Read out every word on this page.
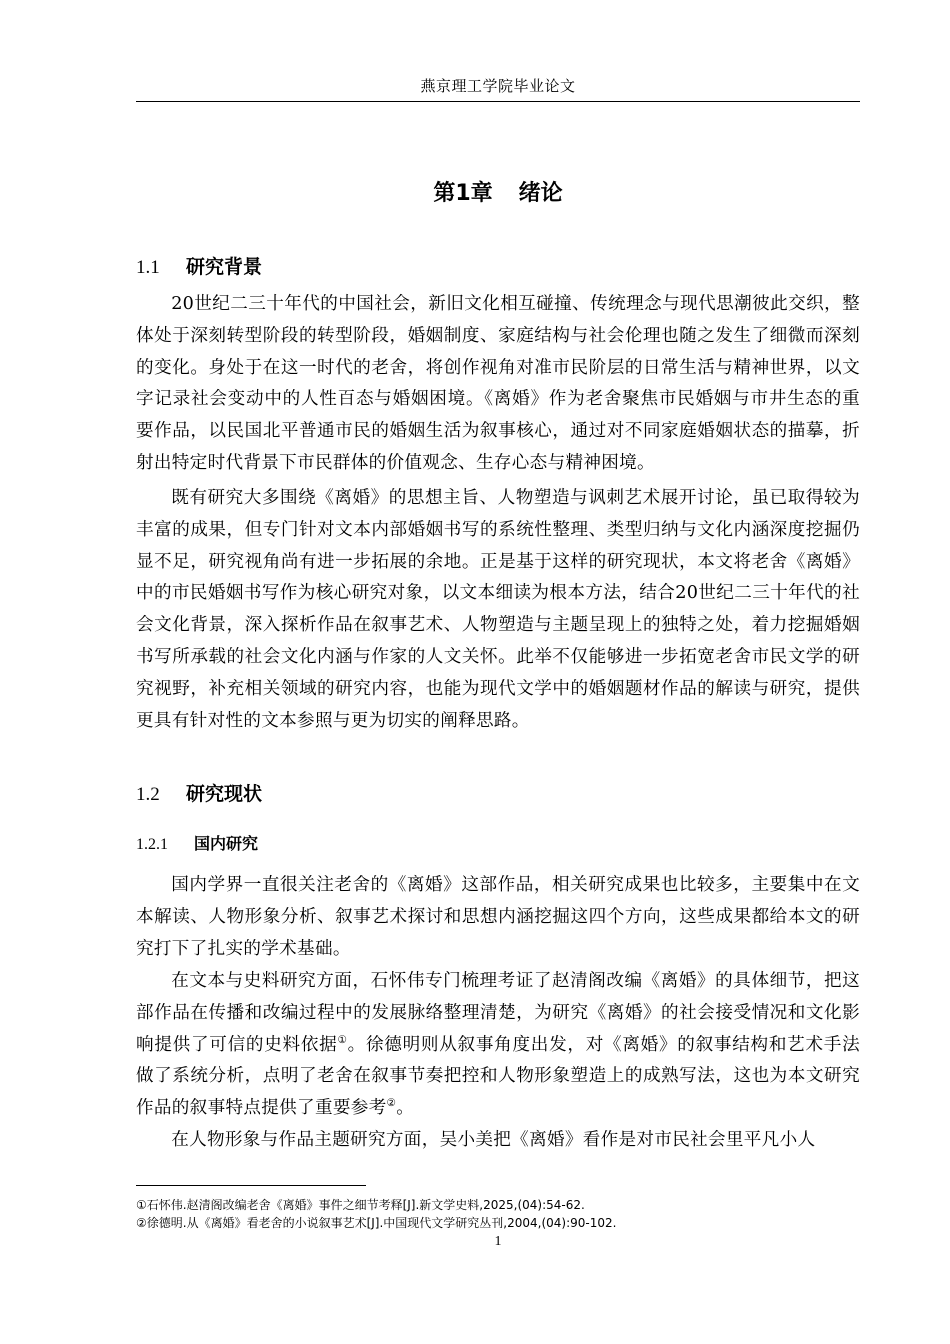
燕京理工学院毕业论文
第1章 绪论
1.1 研究背景

20世纪二三十年代的中国社会，新旧文化相互碰撞、传统理念与现代思潮彼此交织，整体处于深刻转型阶段的转型阶段，婚姻制度、家庭结构与社会伦理也随之发生了细微而深刻的变化。身处于在这一时代的老舍，将创作视角对准市民阶层的日常生活与精神世界，以文字记录社会变动中的人性百态与婚姻困境。《离婚》作为老舍聚焦市民婚姻与市井生态的重要作品，以民国北平普通市民的婚姻生活为叙事核心，通过对不同家庭婚姻状态的描摹，折射出特定时代背景下市民群体的价值观念、生存心态与精神困境。

既有研究大多围绕《离婚》的思想主旨、人物塑造与讽刺艺术展开讨论，虽已取得较为丰富的成果，但专门针对文本内部婚姻书写的系统性整理、类型归纳与文化内涵深度挖掘仍显不足，研究视角尚有进一步拓展的余地。正是基于这样的研究现状，本文将老舍《离婚》中的市民婚姻书写作为核心研究对象，以文本细读为根本方法，结合20世纪二三十年代的社会文化背景，深入探析作品在叙事艺术、人物塑造与主题呈现上的独特之处，着力挖掘婚姻书写所承载的社会文化内涵与作家的人文关怀。此举不仅能够进一步拓宽老舍市民文学的研究视野，补充相关领域的研究内容，也能为现代文学中的婚姻题材作品的解读与研究，提供更具有针对性的文本参照与更为切实的阐释思路。

1.2 研究现状
1.2.1 国内研究

国内学界一直很关注老舍的《离婚》这部作品，相关研究成果也比较多，主要集中在文本解读、人物形象分析、叙事艺术探讨和思想内涵挖掘这四个方向，这些成果都给本文的研究打下了扎实的学术基础。

在文本与史料研究方面，石怀伟专门梳理考证了赵清阁改编《离婚》的具体细节，把这部作品在传播和改编过程中的发展脉络整理清楚，为研究《离婚》的社会接受情况和文化影响提供了可信的史料依据①。徐德明则从叙事角度出发，对《离婚》的叙事结构和艺术手法做了系统分析，点明了老舍在叙事节奏把控和人物形象塑造上的成熟写法，这也为本文研究作品的叙事特点提供了重要参考②。

在人物形象与作品主题研究方面，吴小美把《离婚》看作是对市民社会里平凡小人

①石怀伟.赵清阁改编老舍《离婚》事件之细节考释[J].新文学史料,2025,(04):54-62.
②徐德明.从《离婚》看老舍的小说叙事艺术[J].中国现代文学研究丛刊,2004,(04):90-102.
1
